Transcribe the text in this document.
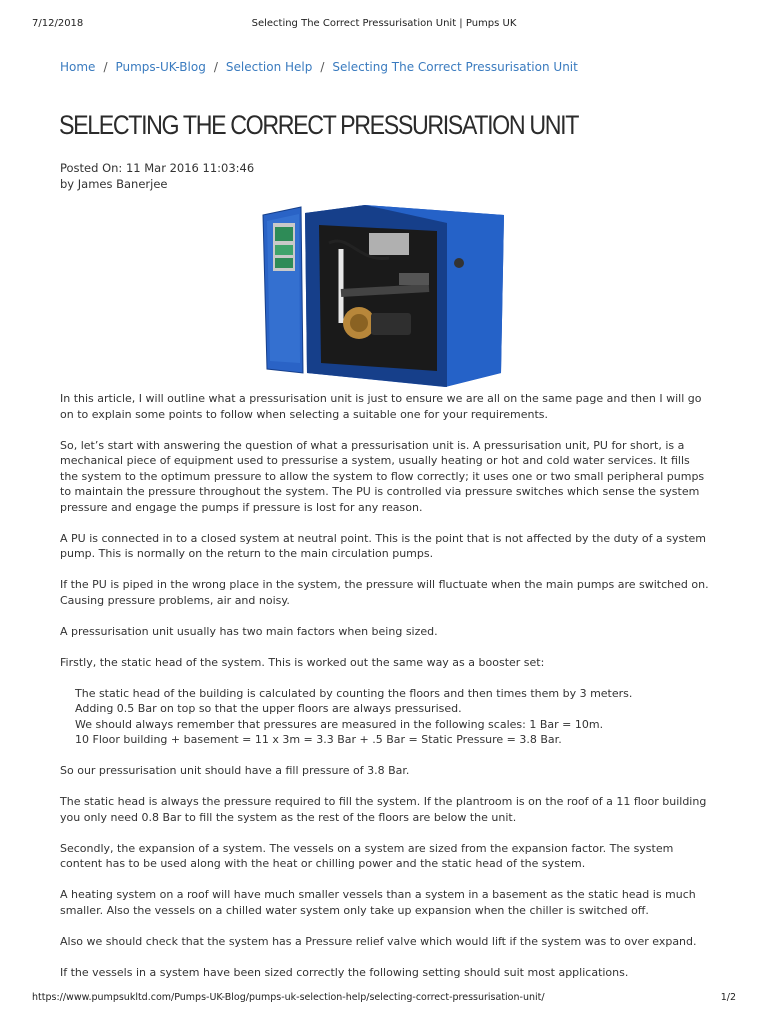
7/12/2018	Selecting The Correct Pressurisation Unit | Pumps UK
Home / Pumps-UK-Blog / Selection Help / Selecting The Correct Pressurisation Unit
SELECTING THE CORRECT PRESSURISATION UNIT
Posted On: 11 Mar 2016 11:03:46
by James Banerjee

In this article, I will outline what a pressurisation unit is just to ensure we are all on the same page and then I will go on to explain some points to follow when selecting a suitable one for your requirements.

So, let’s start with answering the question of what a pressurisation unit is. A pressurisation unit, PU for short, is a mechanical piece of equipment used to pressurise a system, usually heating or hot and cold water services. It fills the system to the optimum pressure to allow the system to flow correctly; it uses one or two small peripheral pumps to maintain the pressure throughout the system. The PU is controlled via pressure switches which sense the system pressure and engage the pumps if pressure is lost for any reason.

A PU is connected in to a closed system at neutral point. This is the point that is not affected by the duty of a system pump. This is normally on the return to the main circulation pumps.

If the PU is piped in the wrong place in the system, the pressure will fluctuate when the main pumps are switched on. Causing pressure problems, air and noisy.

A pressurisation unit usually has two main factors when being sized.

Firstly, the static head of the system. This is worked out the same way as a booster set:

The static head of the building is calculated by counting the floors and then times them by 3 meters.
Adding 0.5 Bar on top so that the upper floors are always pressurised.
We should always remember that pressures are measured in the following scales: 1 Bar = 10m.
10 Floor building + basement = 11 x 3m = 3.3 Bar + .5 Bar = Static Pressure = 3.8 Bar.

So our pressurisation unit should have a fill pressure of 3.8 Bar.

The static head is always the pressure required to fill the system. If the plantroom is on the roof of a 11 floor building you only need 0.8 Bar to fill the system as the rest of the floors are below the unit.

Secondly, the expansion of a system. The vessels on a system are sized from the expansion factor. The system content has to be used along with the heat or chilling power and the static head of the system.

A heating system on a roof will have much smaller vessels than a system in a basement as the static head is much smaller. Also the vessels on a chilled water system only take up expansion when the chiller is switched off.

Also we should check that the system has a Pressure relief valve which would lift if the system was to over expand.

If the vessels in a system have been sized correctly the following setting should suit most applications.

https://www.pumpsukltd.com/Pumps-UK-Blog/pumps-uk-selection-help/selecting-correct-pressurisation-unit/	1/2
